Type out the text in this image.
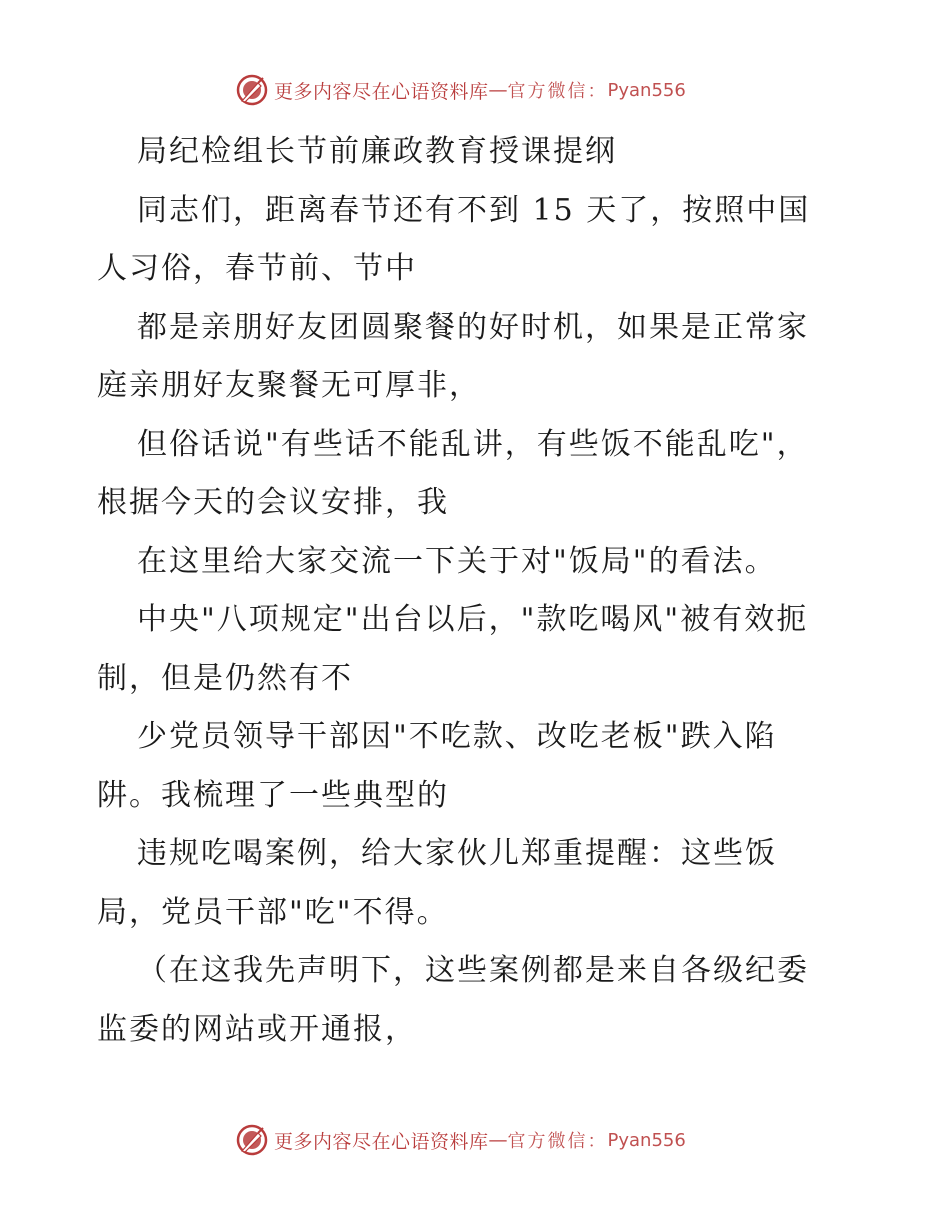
更多内容尽在心语资料库 — 官方微信： Pyan556
局纪检组长节前廉政教育授课提纲
同志们，距离春节还有不到 15 天了，按照中国
人习俗，春节前、节中
都是亲朋好友团圆聚餐的好时机，如果是正常家
庭亲朋好友聚餐无可厚非，
但俗话说"有些话不能乱讲，有些饭不能乱吃"，
根据今天的会议安排，我
在这里给大家交流一下关于对"饭局"的看法。
中央"八项规定"出台以后，"款吃喝风"被有效扼
制，但是仍然有不
少党员领导干部因"不吃款、改吃老板"跌入陷
阱。我梳理了一些典型的
违规吃喝案例，给大家伙儿郑重提醒：这些饭
局，党员干部"吃"不得。
（在这我先声明下，这些案例都是来自各级纪委
监委的网站或开通报，
更多内容尽在心语资料库 — 官方微信： Pyan556
